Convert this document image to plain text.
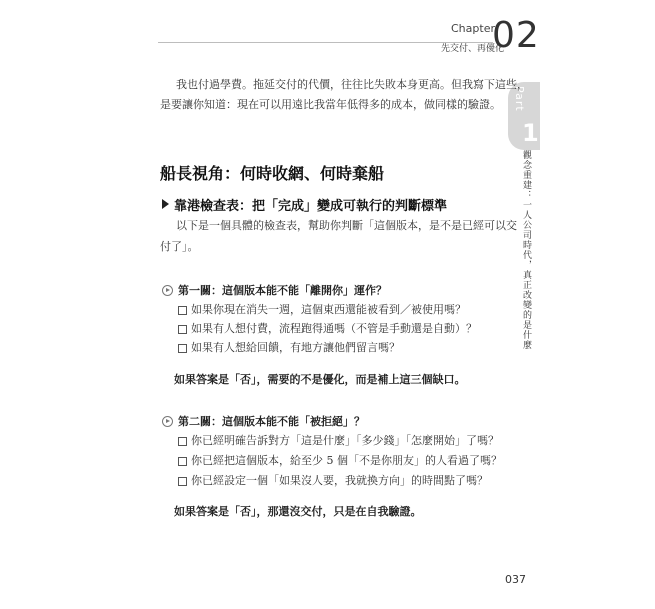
Chapter
02
先交付、再優化
Part
1
觀念重建：一人公司時代，真正改變的是什麼
我也付過學費。拖延交付的代價，往往比失敗本身更高。但我寫下這些，
是要讓你知道：現在可以用遠比我當年低得多的成本，做同樣的驗證。
船長視角：何時收網、何時棄船
靠港檢查表：把「完成」變成可執行的判斷標準
以下是一個具體的檢查表，幫助你判斷「這個版本，是不是已經可以交
付了」。
第一關：這個版本能不能「離開你」運作？
如果你現在消失一週，這個東西還能被看到／被使用嗎？
如果有人想付費，流程跑得通嗎（不管是手動還是自動）？
如果有人想給回饋，有地方讓他們留言嗎？
如果答案是「否」，需要的不是優化，而是補上這三個缺口。
第二關：這個版本能不能「被拒絕」？
你已經明確告訴對方「這是什麼」「多少錢」「怎麼開始」了嗎？
你已經把這個版本，給至少 5 個「不是你朋友」的人看過了嗎？
你已經設定一個「如果沒人要，我就換方向」的時間點了嗎？
如果答案是「否」，那還沒交付，只是在自我驗證。
037
